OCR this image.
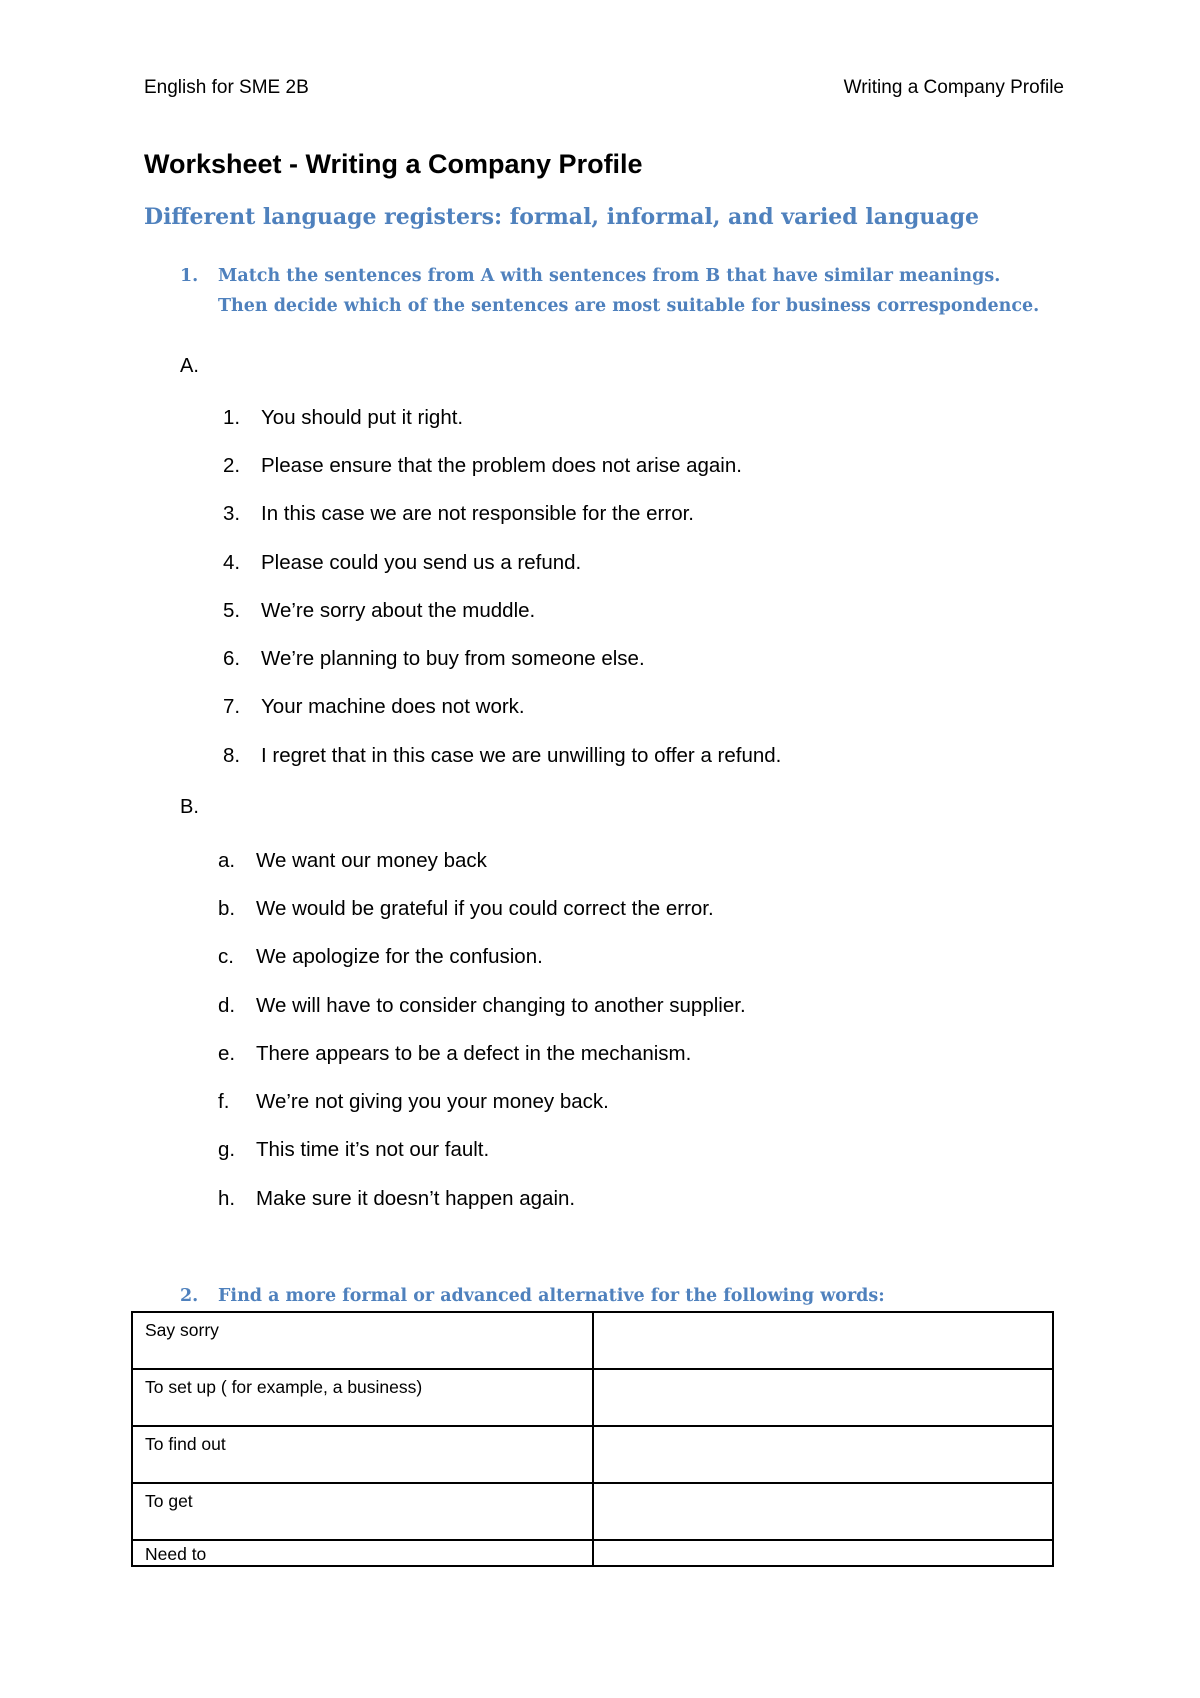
English for SME 2B	Writing a Company Profile
Worksheet - Writing a Company Profile
Different language registers: formal, informal, and varied language
1. Match the sentences from A with sentences from B that have similar meanings. Then decide which of the sentences are most suitable for business correspondence.
A.
1. You should put it right.
2. Please ensure that the problem does not arise again.
3. In this case we are not responsible for the error.
4. Please could you send us a refund.
5. We’re sorry about the muddle.
6. We’re planning to buy from someone else.
7. Your machine does not work.
8. I regret that in this case we are unwilling to offer a refund.
B.
a. We want our money back
b. We would be grateful if you could correct the error.
c. We apologize for the confusion.
d. We will have to consider changing to another supplier.
e. There appears to be a defect in the mechanism.
f. We’re not giving you your money back.
g. This time it’s not our fault.
h. Make sure it doesn’t happen again.
2. Find a more formal or advanced alternative for the following words:
Say sorry	
To set up ( for example, a business)	
To find out	
To get	
Need to	
